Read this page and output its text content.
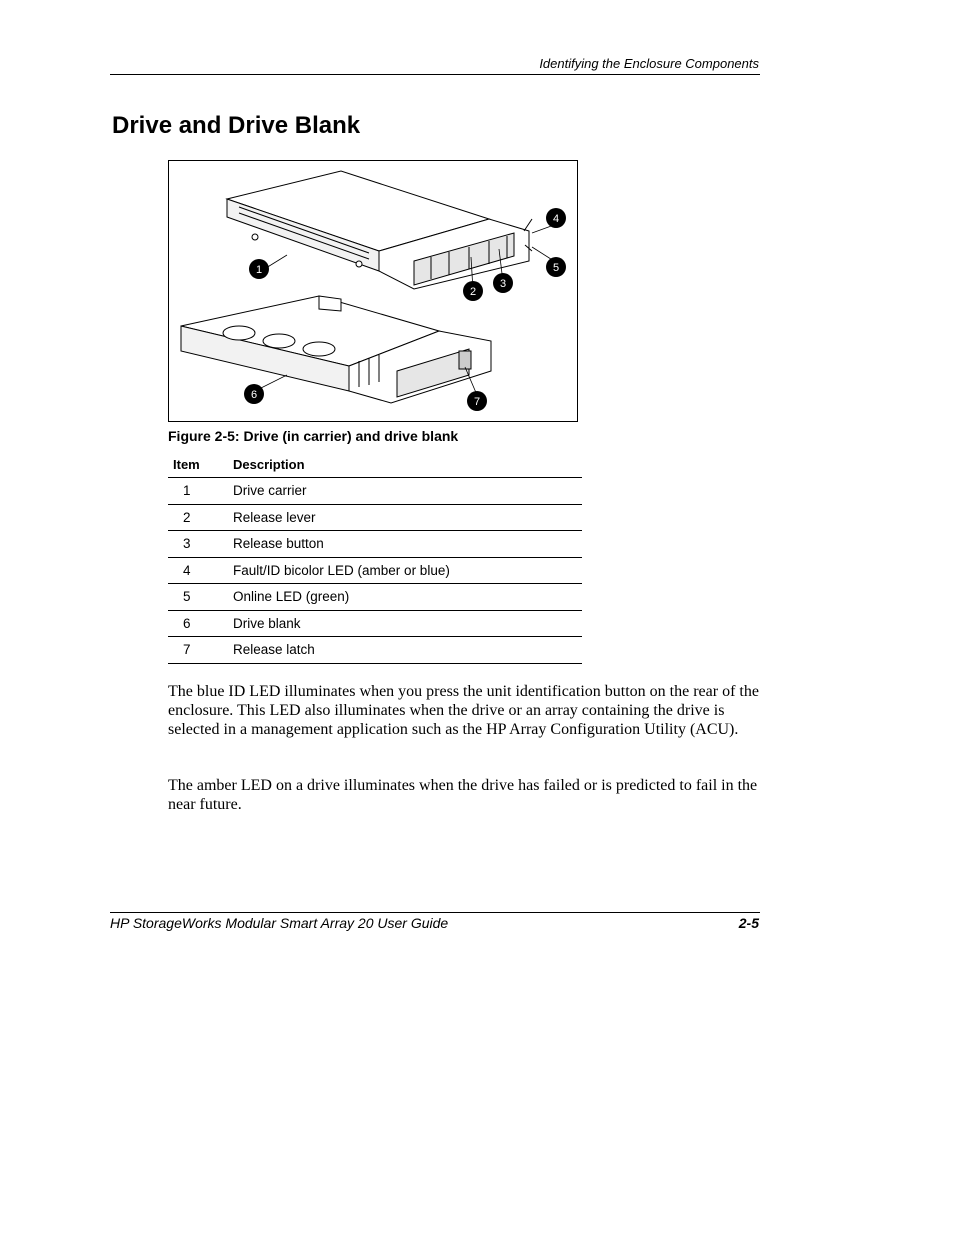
Identifying the Enclosure Components
Drive and Drive Blank
1
2
3
4
5
6
7
Figure 2-5: Drive (in carrier) and drive blank
Item	Description
1	Drive carrier
2	Release lever
3	Release button
4	Fault/ID bicolor LED (amber or blue)
5	Online LED (green)
6	Drive blank
7	Release latch

The blue ID LED illuminates when you press the unit identification button on the rear of the enclosure. This LED also illuminates when the drive or an array containing the drive is selected in a management application such as the HP Array Configuration Utility (ACU).

The amber LED on a drive illuminates when the drive has failed or is predicted to fail in the near future.

HP StorageWorks Modular Smart Array 20 User Guide	2-5
